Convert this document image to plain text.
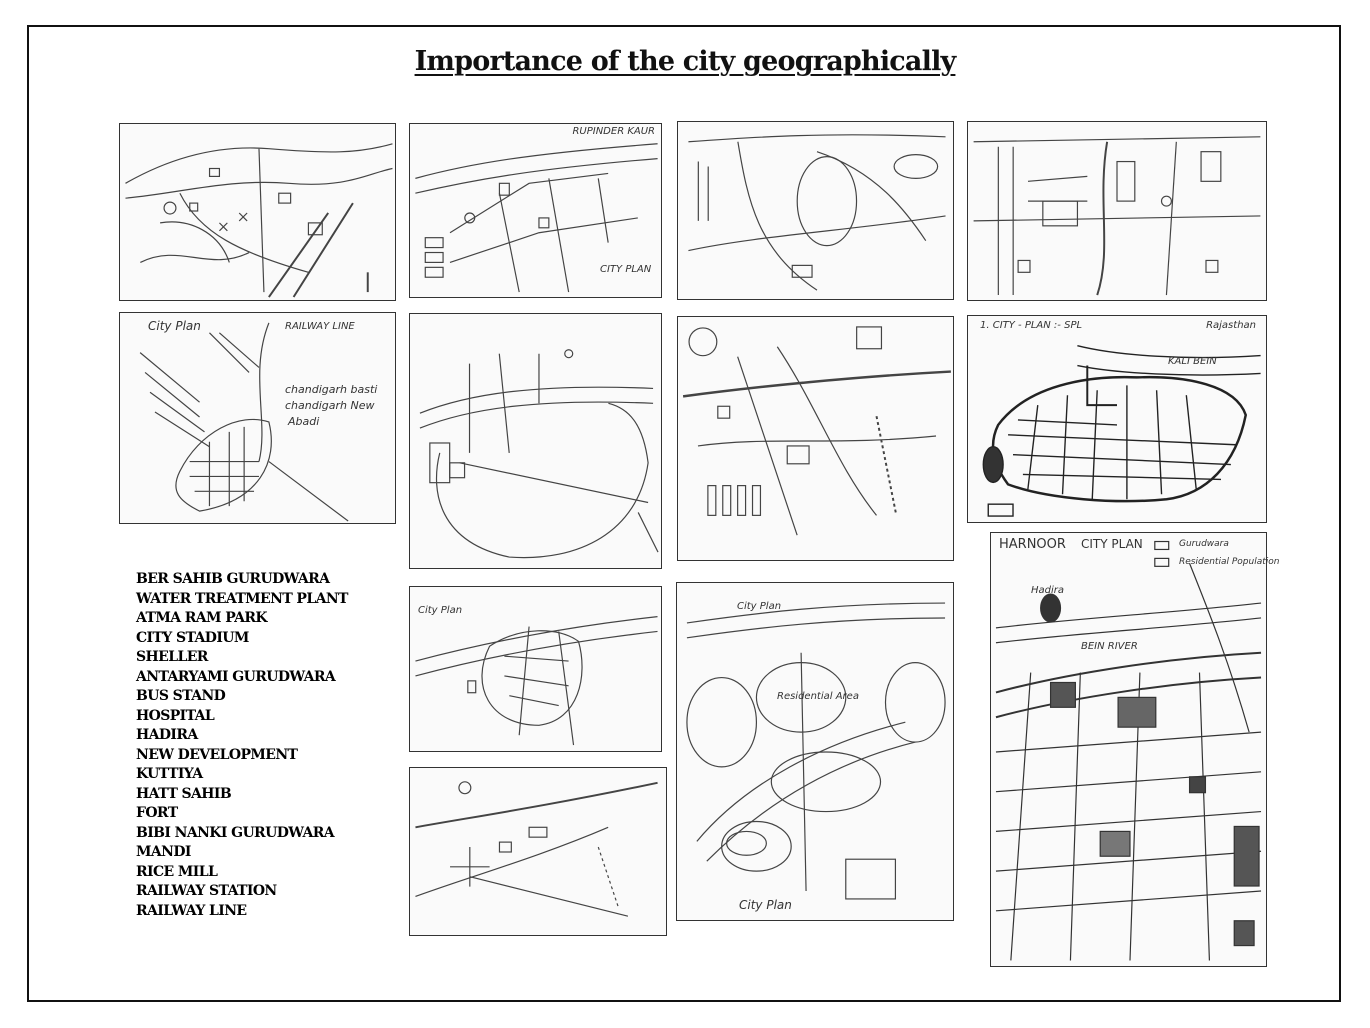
Importance of the city geographically
RUPINDER KAUR
CITY PLAN
City Plan	RAILWAY LINE
chandigarh basti
chandigarh New
Abadi
1. CITY - PLAN :- SPL	Rajasthan
KALI BEIN
City Plan	City Plan
City Plan
Residential Area
HARNOOR CITY PLAN	Gurudwara
Residential Population
BEIN RIVER
Hadira
BER SAHIB GURUDWARA
WATER TREATMENT PLANT
ATMA RAM PARK
CITY STADIUM
SHELLER
ANTARYAMI GURUDWARA
BUS STAND
HOSPITAL
HADIRA
NEW DEVELOPMENT
KUTTIYA
HATT SAHIB
FORT
BIBI NANKI GURUDWARA
MANDI
RICE MILL
RAILWAY STATION
RAILWAY LINE
